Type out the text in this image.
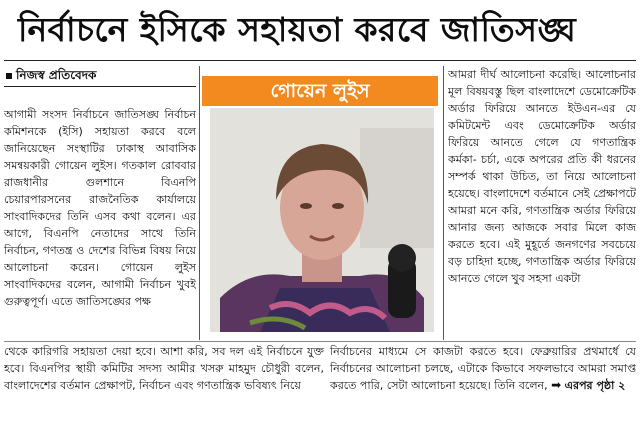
নির্বাচনে ইসিকে সহায়তা করবে জাতিসঙ্ঘ
নিজস্ব প্রতিবেদক

আগামী সংসদ নির্বাচনে জাতিসঙ্ঘ নির্বাচন কমিশনকে (ইসি) সহায়তা করবে বলে জানিয়েছেন সংস্থাটির ঢাকাস্থ আবাসিক সমন্বয়কারী গোয়েন লুইস। গতকাল রোববার রাজধানীর গুলশানে বিএনপি চেয়ারপারসনের রাজনৈতিক কার্যালয়ে সাংবাদিকদের তিনি এসব কথা বলেন। এর আগে, বিএনপি নেতাদের সাথে তিনি নির্বাচন, গণতন্ত্র ও দেশের বিভিন্ন বিষয় নিয়ে আলোচনা করেন। গোয়েন লুইস সাংবাদিকদের বলেন, আগামী নির্বাচন খুবই গুরুত্বপূর্ণ। এতে জাতিসঙ্ঘের পক্ষ

গোয়েন লুইস

আমরা দীর্ঘ আলোচনা করেছি। আলোচনার মূল বিষয়বস্তু ছিল বাংলাদেশে ডেমোক্রেটিক অর্ডার ফিরিয়ে আনতে ইউএন-এর যে কমিটমেন্ট এবং ডেমোক্রেটিক অর্ডার ফিরিয়ে আনতে গেলে যে গণতান্ত্রিক কর্মকা- চর্চা, একে অপরের প্রতি কী ধরনের সম্পর্ক থাকা উচিত, তা নিয়ে আলোচনা হয়েছে। বাংলাদেশে বর্তমানে সেই প্রেক্ষাপটে আমরা মনে করি, গণতান্ত্রিক অর্ডার ফিরিয়ে আনার জন্য আজকে সবার মিলে কাজ করতে হবে। এই মুহূর্তে জনগণের সবচেয়ে বড় চাহিদা হচ্ছে, গণতান্ত্রিক অর্ডার ফিরিয়ে আনতে গেলে খুব সহসা একটা

থেকে কারিগরি সহায়তা দেয়া হবে। আশা করি, সব দল এই নির্বাচনে যুক্ত হবে। বিএনপির স্থায়ী কমিটির সদস্য আমীর খসরু মাহমুদ চৌধুরী বলেন, বাংলাদেশের বর্তমান প্রেক্ষাপট, নির্বাচন এবং গণতান্ত্রিক ভবিষ্যৎ নিয়ে

নির্বাচনের মাধ্যমে সে কাজটা করতে হবে। ফেব্রুয়ারির প্রথমার্ধে যে নির্বাচনের আলোচনা চলছে, এটাকে কিভাবে সফলভাবে আমরা সমাপ্ত করতে পারি, সেটা আলোচনা হয়েছে। তিনি বলেন, ➡ এরপর পৃষ্ঠা ২
